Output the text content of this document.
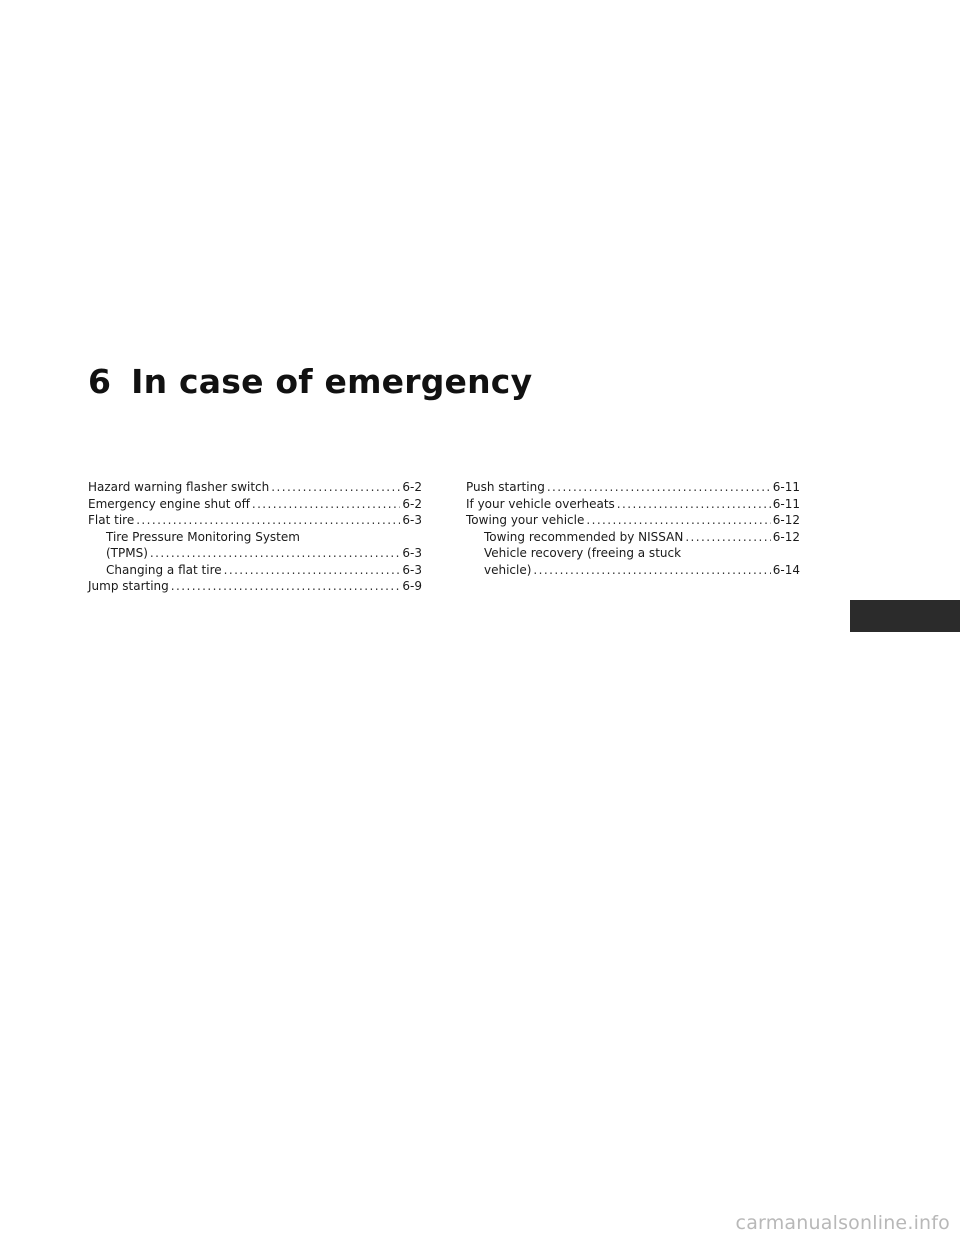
6 In case of emergency
Hazard warning flasher switch . . .	6-2
Emergency engine shut off . . .	6-2
Flat tire . . .	6-3
Tire Pressure Monitoring System
(TPMS) . . .	6-3
Changing a flat tire . . .	6-3
Jump starting . . .	6-9
Push starting . . .	6-11
If your vehicle overheats . . .	6-11
Towing your vehicle . . .	6-12
Towing recommended by NISSAN . . .	6-12
Vehicle recovery (freeing a stuck
vehicle) . . .	6-14
carmanualsonline.info
